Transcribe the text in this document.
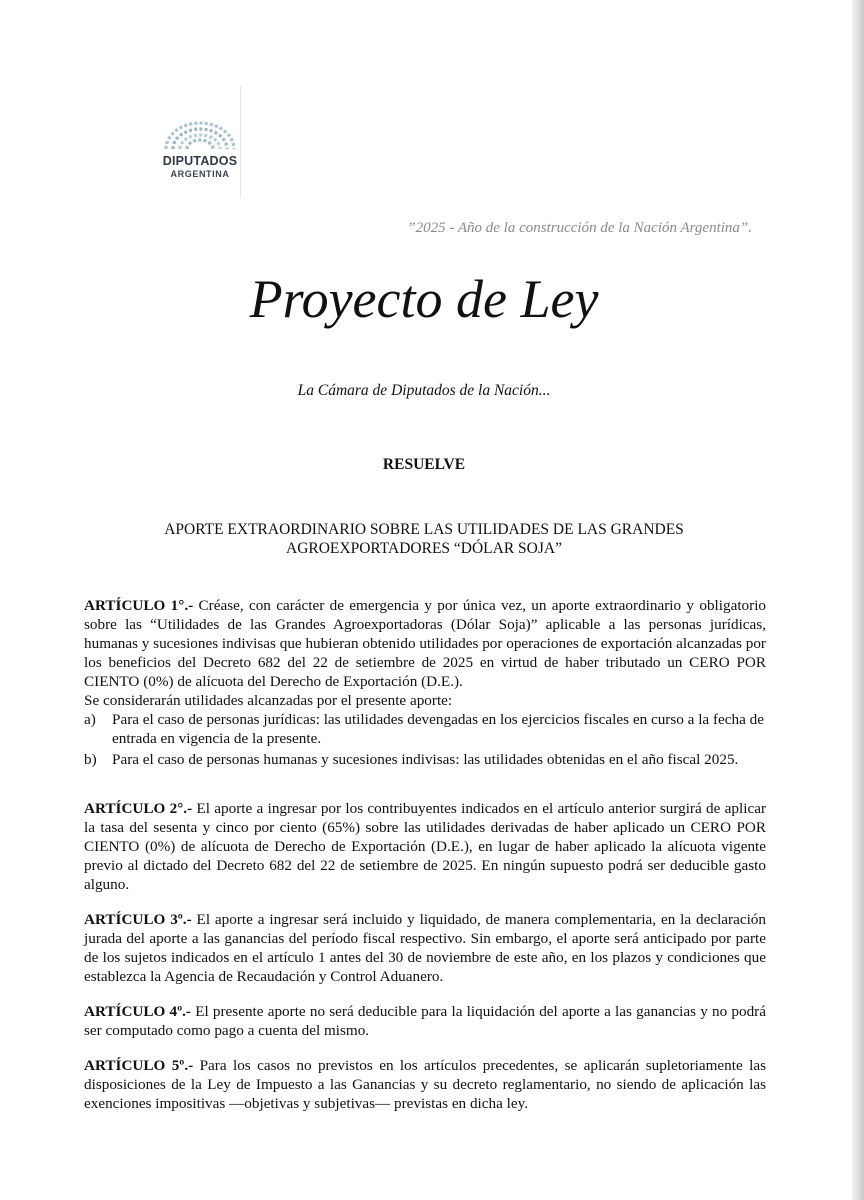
DIPUTADOS
ARGENTINA
”2025 - Año de la construcción de la Nación Argentina”.
Proyecto de Ley
La Cámara de Diputados de la Nación...
RESUELVE
APORTE EXTRAORDINARIO SOBRE LAS UTILIDADES DE LAS GRANDES
AGROEXPORTADORES “DÓLAR SOJA”

ARTÍCULO 1°.- Créase, con carácter de emergencia y por única vez, un aporte extraordinario y obligatorio sobre las “Utilidades de las Grandes Agroexportadoras (Dólar Soja)” aplicable a las personas jurídicas, humanas y sucesiones indivisas que hubieran obtenido utilidades por operaciones de exportación alcanzadas por los beneficios del Decreto 682 del 22 de setiembre de 2025 en virtud de haber tributado un CERO POR CIENTO (0%) de alícuota del Derecho de Exportación (D.E.).

Se considerarán utilidades alcanzadas por el presente aporte:

a) Para el caso de personas jurídicas: las utilidades devengadas en los ejercicios fiscales en curso a la fecha de entrada en vigencia de la presente.
b) Para el caso de personas humanas y sucesiones indivisas: las utilidades obtenidas en el año fiscal 2025.

ARTÍCULO 2°.- El aporte a ingresar por los contribuyentes indicados en el artículo anterior surgirá de aplicar la tasa del sesenta y cinco por ciento (65%) sobre las utilidades derivadas de haber aplicado un CERO POR CIENTO (0%) de alícuota de Derecho de Exportación (D.E.), en lugar de haber aplicado la alícuota vigente previo al dictado del Decreto 682 del 22 de setiembre de 2025. En ningún supuesto podrá ser deducible gasto alguno.

ARTÍCULO 3º.- El aporte a ingresar será incluido y liquidado, de manera complementaria, en la declaración jurada del aporte a las ganancias del período fiscal respectivo. Sin embargo, el aporte será anticipado por parte de los sujetos indicados en el artículo 1 antes del 30 de noviembre de este año, en los plazos y condiciones que establezca la Agencia de Recaudación y Control Aduanero.

ARTÍCULO 4º.- El presente aporte no será deducible para la liquidación del aporte a las ganancias y no podrá ser computado como pago a cuenta del mismo.

ARTÍCULO 5º.- Para los casos no previstos en los artículos precedentes, se aplicarán supletoriamente las disposiciones de la Ley de Impuesto a las Ganancias y su decreto reglamentario, no siendo de aplicación las exenciones impositivas —objetivas y subjetivas— previstas en dicha ley.
